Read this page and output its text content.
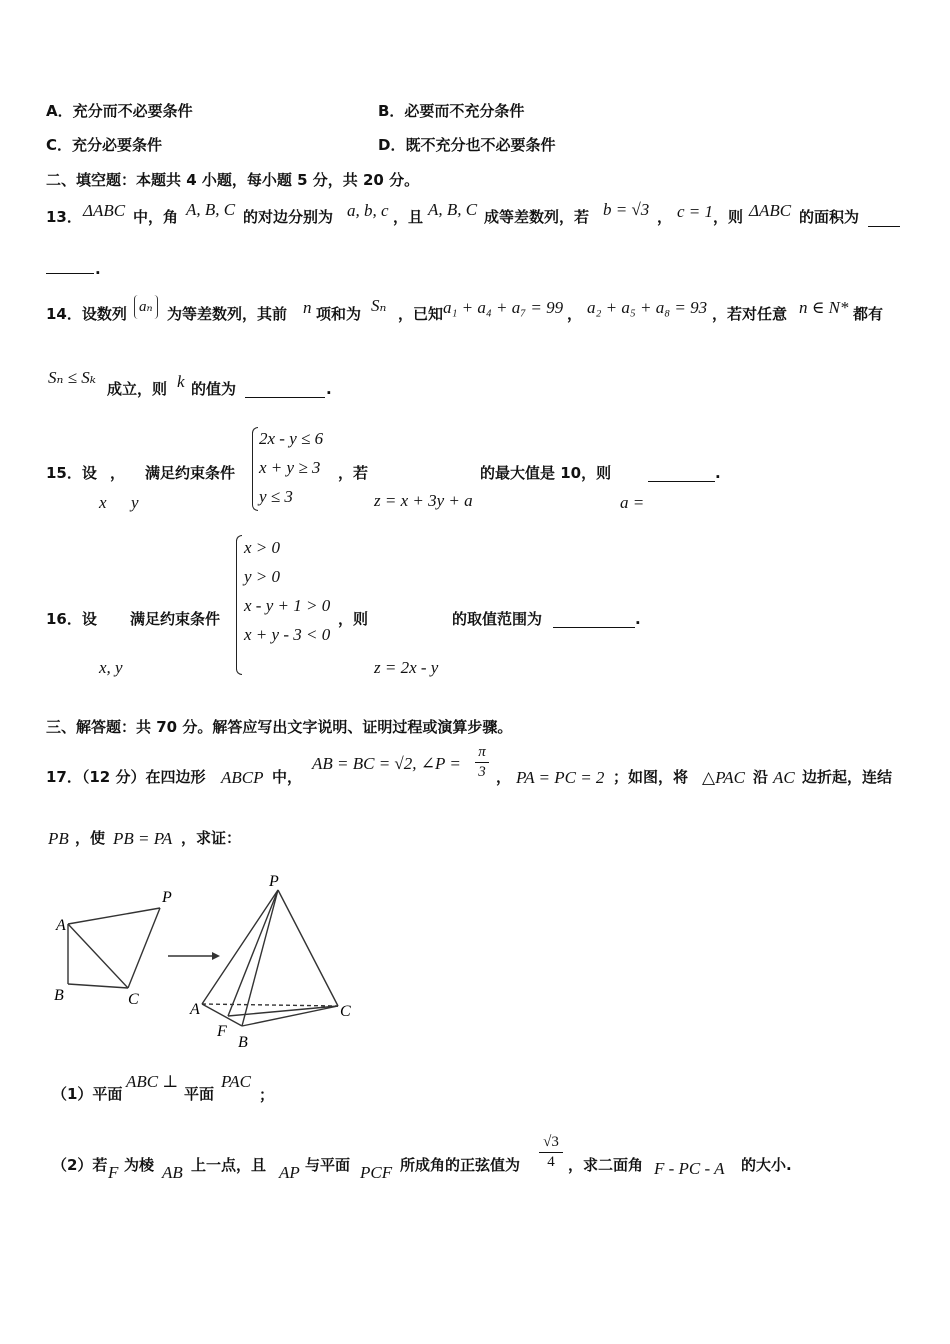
A．充分而不必要条件	B．必要而不充分条件
C．充分必要条件	D．既不充分也不必要条件
二、填空题：本题共 4 小题，每小题 5 分，共 20 分。
13． ΔABC 中，角 A, B, C 的对边分别为 a, b, c ，且 A, B, C 成等差数列，若 b = √3 ， c = 1 ，则 ΔABC 的面积为
.
14．设数列 aₙ 为等差数列，其前 n 项和为 Sₙ ，已知 a₁ + a₄ + a₇ = 99 ， a₂ + a₅ + a₈ = 93 ，若对任意 n ∈ N* 都有
Sₙ ≤ Sₖ
成立，则 k 的值为	.
15．设 ，
x y
满足约束条件
2x - y ≤ 6
x + y ≥ 3
y ≤ 3
，若
z = x + 3y + a
的最大值是 10，则	.
a =
16．设
x, y
满足约束条件
x > 0
y > 0
x - y + 1 > 0
x + y - 3 < 0
，则
z = 2x - y
的取值范围为	.
三、解答题：共 70 分。解答应写出文字说明、证明过程或演算步骤。
17．（12 分）在四边形 ABCP 中，
AB = BC = √2, ∠P =
π
3 ， PA = PC = 2 ；如图，将 △PAC 沿 AC 边折起，连结
PB ，使 PB = PA ，求证：
A
B	C
P
P
A
F
B
C
（1）平面
ABC ⊥
平面
PAC
；
（2）若 F 为棱 AB 上一点，且 AP 与平面 PCF 所成角的正弦值为
√3
4 ，求二面角 F - PC - A 的大小.
